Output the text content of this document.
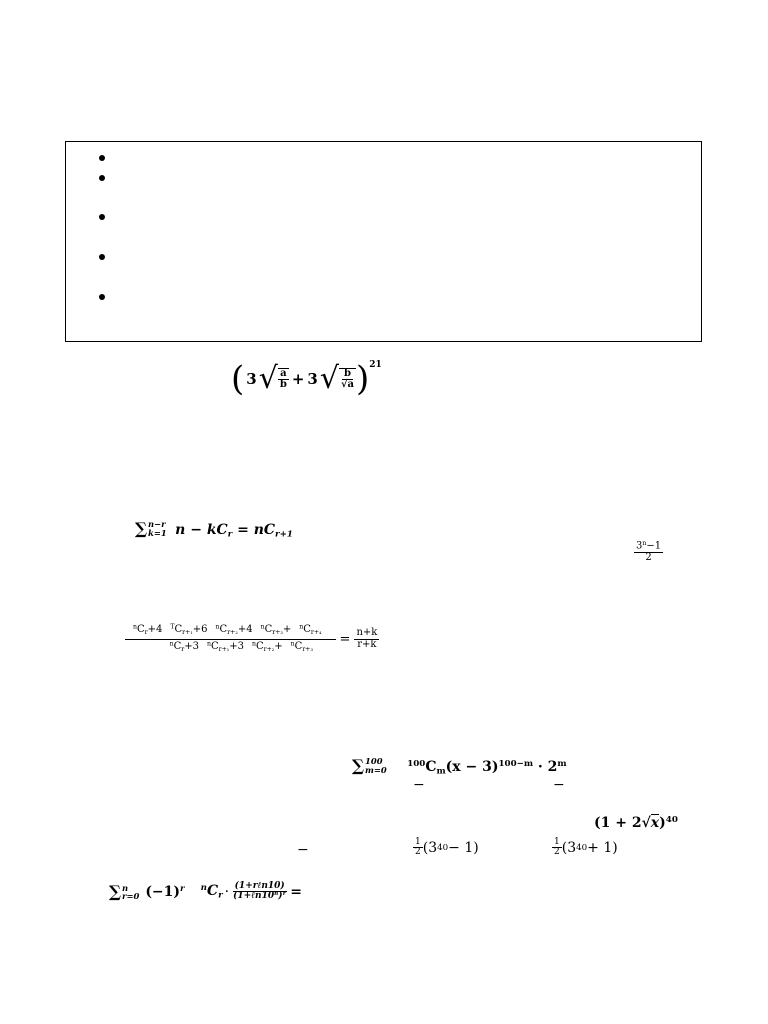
( 3 √ $\frac{a}{b} + 3$ √ $\frac{b}{√a}$ ) 21
∑ n−r
k=1 $n - kC_r = nC_{r+1}$
$\frac{3^n-1}{2}$
$\frac{^nC_r+4 ^TC_{r+_1}+6 ^nC_{r+_2}+4 ^nC_{r+_3}+ ^nC_{r+_4}}{^nC_r+3 ^nC_{r+_1}+3 ^nC_{r+_2}+ ^nC_{r+_3}} = \frac{n+k}{r+k}$
∑ 100
m=0
$^{100}C_m(x - 3)^{100-m} \cdot 2^m$
−	−
$(1 + 2√x)^{40}$
−	$\frac{1}{2} (3$ 40 − 1)	$\frac{1}{2} (3$ 40 + 1)
∑ n
r=0 $(-1)^r$ $^nC_r \cdot \frac{\text{(1+rℓn10)}}{\text{(1+ℓn10ⁿ)ʳ}}$ =
